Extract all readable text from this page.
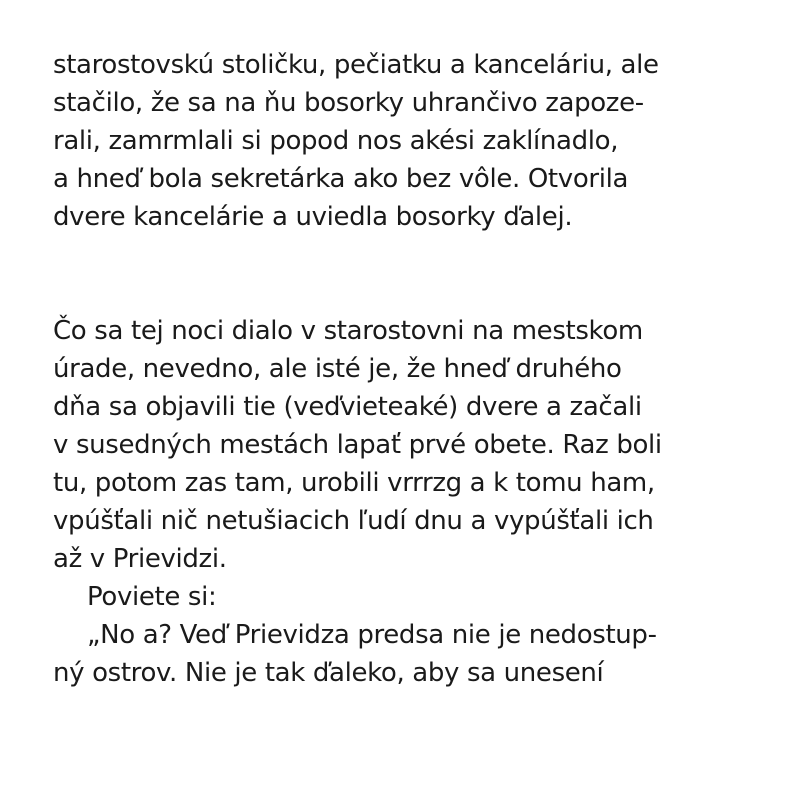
starostovskú stoličku, pečiatku a kanceláriu, ale
stačilo, že sa na ňu bosorky uhrančivo zapoze-
rali, zamrmlali si popod nos akési zaklínadlo,
a hneď bola sekretárka ako bez vôle. Otvorila
dvere kancelárie a uviedla bosorky ďalej.
Čo sa tej noci dialo v starostovni na mestskom
úrade, nevedno, ale isté je, že hneď druhého
dňa sa objavili tie (veďvieteaké) dvere a začali
v susedných mestách lapať prvé obete. Raz boli
tu, potom zas tam, urobili vrrrzg a k tomu ham,
vpúšťali nič netušiacich ľudí dnu a vypúšťali ich
až v Prievidzi.
Poviete si:
„No a? Veď Prievidza predsa nie je nedostup-
ný ostrov. Nie je tak ďaleko, aby sa unesení
